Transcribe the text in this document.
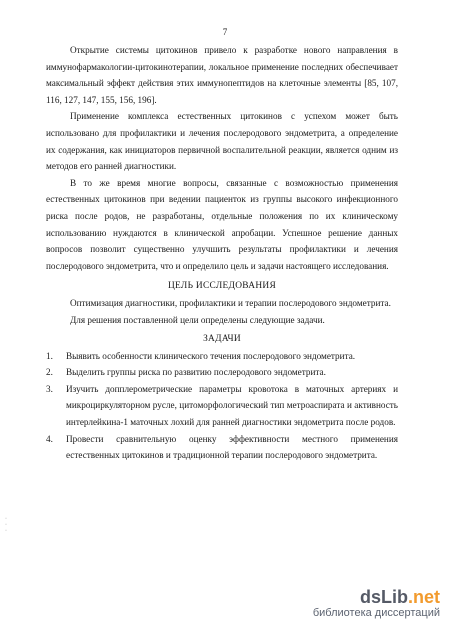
7

Открытие системы цитокинов привело к разработке нового направления в иммунофармакологии-цитокинотерапии, локальное применение последних обеспечивает максимальный эффект действия этих иммунопептидов на клеточные элементы [85, 107, 116, 127, 147, 155, 156, 196].

Применение комплекса естественных цитокинов с успехом может быть использовано для профилактики и лечения послеродового эндометрита, а определение их содержания, как инициаторов первичной воспалительной реакции, является одним из методов его ранней диагностики.

В то же время многие вопросы, связанные с возможностью применения естественных цитокинов при ведении пациенток из группы высокого инфекционного риска после родов, не разработаны, отдельные положения по их клиническому использованию нуждаются в клинической апробации. Успешное решение данных вопросов позволит существенно улучшить результаты профилактики и лечения послеродового эндометрита, что и определило цель и задачи настоящего исследования.

ЦЕЛЬ ИССЛЕДОВАНИЯ

Оптимизация диагностики, профилактики и терапии послеродового эндометрита.

Для решения поставленной цели определены следующие задачи.

ЗАДАЧИ
1.	Выявить особенности клинического течения послеродового эндометрита.
2.	Выделить группы риска по развитию послеродового эндометрита.
3.	Изучить допплерометрические параметры кровотока в маточных артериях и микроциркуляторном русле, цитоморфологический тип метроаспирата и активность интерлейкина-1 маточных лохий для ранней диагностики эндометрита после родов.
4.	Провести сравнительную оценку эффективности местного применения естественных цитокинов и традиционной терапии послеродового эндометрита.
·
·
·
dsLib.net
библиотека диссертаций
